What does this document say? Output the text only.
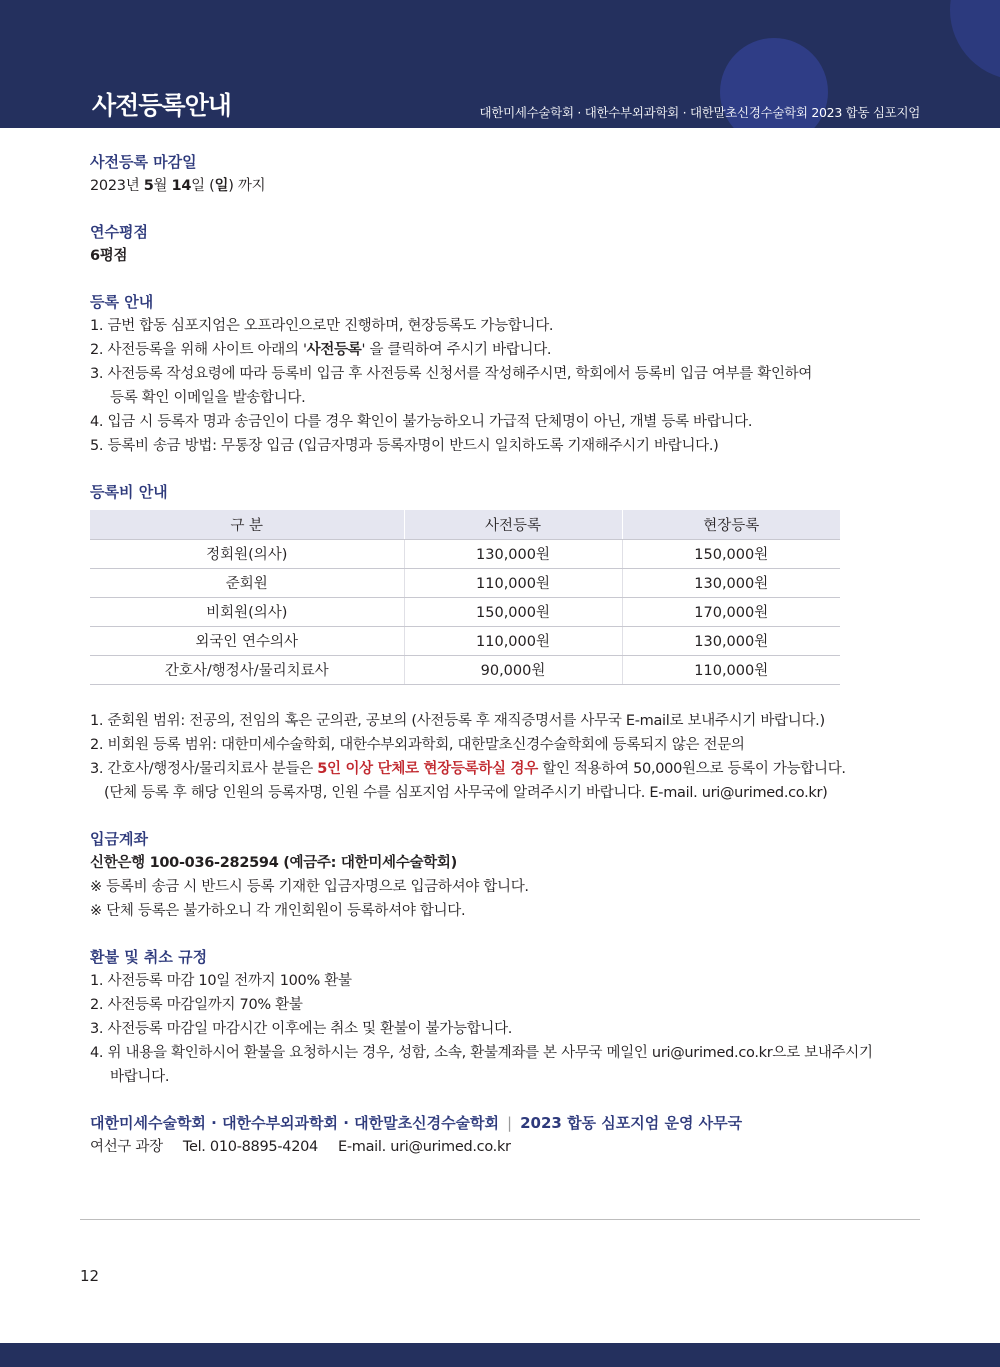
사전등록안내	대한미세수술학회 · 대한수부외과학회 · 대한말초신경수술학회 2023 합동 심포지엄
사전등록 마감일
2023년 5월 14일 (일) 까지
연수평점
6평점
등록 안내
1. 금번 합동 심포지엄은 오프라인으로만 진행하며, 현장등록도 가능합니다.
2. 사전등록을 위해 사이트 아래의 '사전등록' 을 클릭하여 주시기 바랍니다.
3. 사전등록 작성요령에 따라 등록비 입금 후 사전등록 신청서를 작성해주시면, 학회에서 등록비 입금 여부를 확인하여
등록 확인 이메일을 발송합니다.
4. 입금 시 등록자 명과 송금인이 다를 경우 확인이 불가능하오니 가급적 단체명이 아닌, 개별 등록 바랍니다.
5. 등록비 송금 방법: 무통장 입금 (입금자명과 등록자명이 반드시 일치하도록 기재해주시기 바랍니다.)
등록비 안내
구 분	사전등록	현장등록
정회원(의사)	130,000원	150,000원
준회원	110,000원	130,000원
비회원(의사)	150,000원	170,000원
외국인 연수의사	110,000원	130,000원
간호사/행정사/물리치료사	90,000원	110,000원
1. 준회원 범위: 전공의, 전임의 혹은 군의관, 공보의 (사전등록 후 재직증명서를 사무국 E-mail로 보내주시기 바랍니다.)
2. 비회원 등록 범위: 대한미세수술학회, 대한수부외과학회, 대한말초신경수술학회에 등록되지 않은 전문의
3. 간호사/행정사/물리치료사 분들은 5인 이상 단체로 현장등록하실 경우 할인 적용하여 50,000원으로 등록이 가능합니다.
(단체 등록 후 해당 인원의 등록자명, 인원 수를 심포지엄 사무국에 알려주시기 바랍니다. E-mail. uri@urimed.co.kr)
입금계좌
신한은행 100-036-282594 (예금주: 대한미세수술학회)
※ 등록비 송금 시 반드시 등록 기재한 입금자명으로 입금하셔야 합니다.
※ 단체 등록은 불가하오니 각 개인회원이 등록하셔야 합니다.
환불 및 취소 규정
1. 사전등록 마감 10일 전까지 100% 환불
2. 사전등록 마감일까지 70% 환불
3. 사전등록 마감일 마감시간 이후에는 취소 및 환불이 불가능합니다.
4. 위 내용을 확인하시어 환불을 요청하시는 경우, 성함, 소속, 환불계좌를 본 사무국 메일인 uri@urimed.co.kr으로 보내주시기
바랍니다.
대한미세수술학회 · 대한수부외과학회 · 대한말초신경수술학회 | 2023 합동 심포지엄 운영 사무국
여선구 과장 Tel. 010-8895-4204 E-mail. uri@urimed.co.kr
12
